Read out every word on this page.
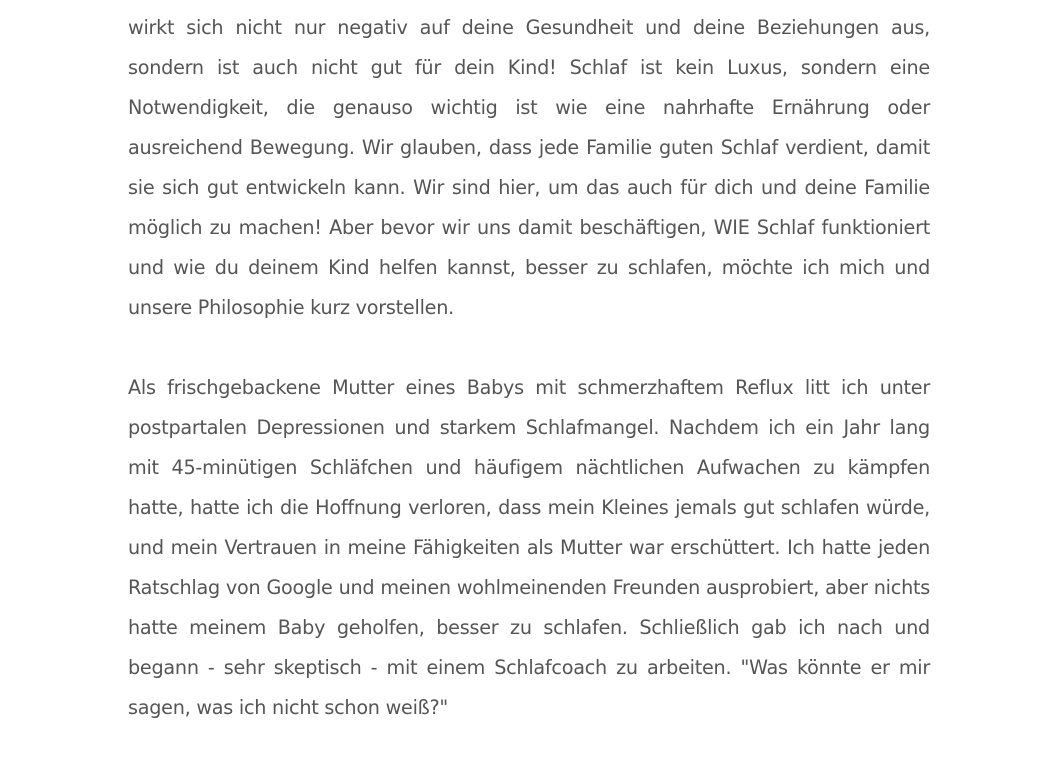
wirkt sich nicht nur negativ auf deine Gesundheit und deine Beziehungen aus, sondern ist auch nicht gut für dein Kind! Schlaf ist kein Luxus, sondern eine Notwendigkeit, die genauso wichtig ist wie eine nahrhafte Ernährung oder ausreichend Bewegung. Wir glauben, dass jede Familie guten Schlaf verdient, damit sie sich gut entwickeln kann. Wir sind hier, um das auch für dich und deine Familie möglich zu machen! Aber bevor wir uns damit beschäftigen, WIE Schlaf funktioniert und wie du deinem Kind helfen kannst, besser zu schlafen, möchte ich mich und unsere Philosophie kurz vorstellen.

Als frischgebackene Mutter eines Babys mit schmerzhaftem Reflux litt ich unter postpartalen Depressionen und starkem Schlafmangel. Nachdem ich ein Jahr lang mit 45-minütigen Schläfchen und häufigem nächtlichen Aufwachen zu kämpfen hatte, hatte ich die Hoffnung verloren, dass mein Kleines jemals gut schlafen würde, und mein Vertrauen in meine Fähigkeiten als Mutter war erschüttert. Ich hatte jeden Ratschlag von Google und meinen wohlmeinenden Freunden ausprobiert, aber nichts hatte meinem Baby geholfen, besser zu schlafen. Schließlich gab ich nach und begann - sehr skeptisch - mit einem Schlafcoach zu arbeiten. "Was könnte er mir sagen, was ich nicht schon weiß?"
